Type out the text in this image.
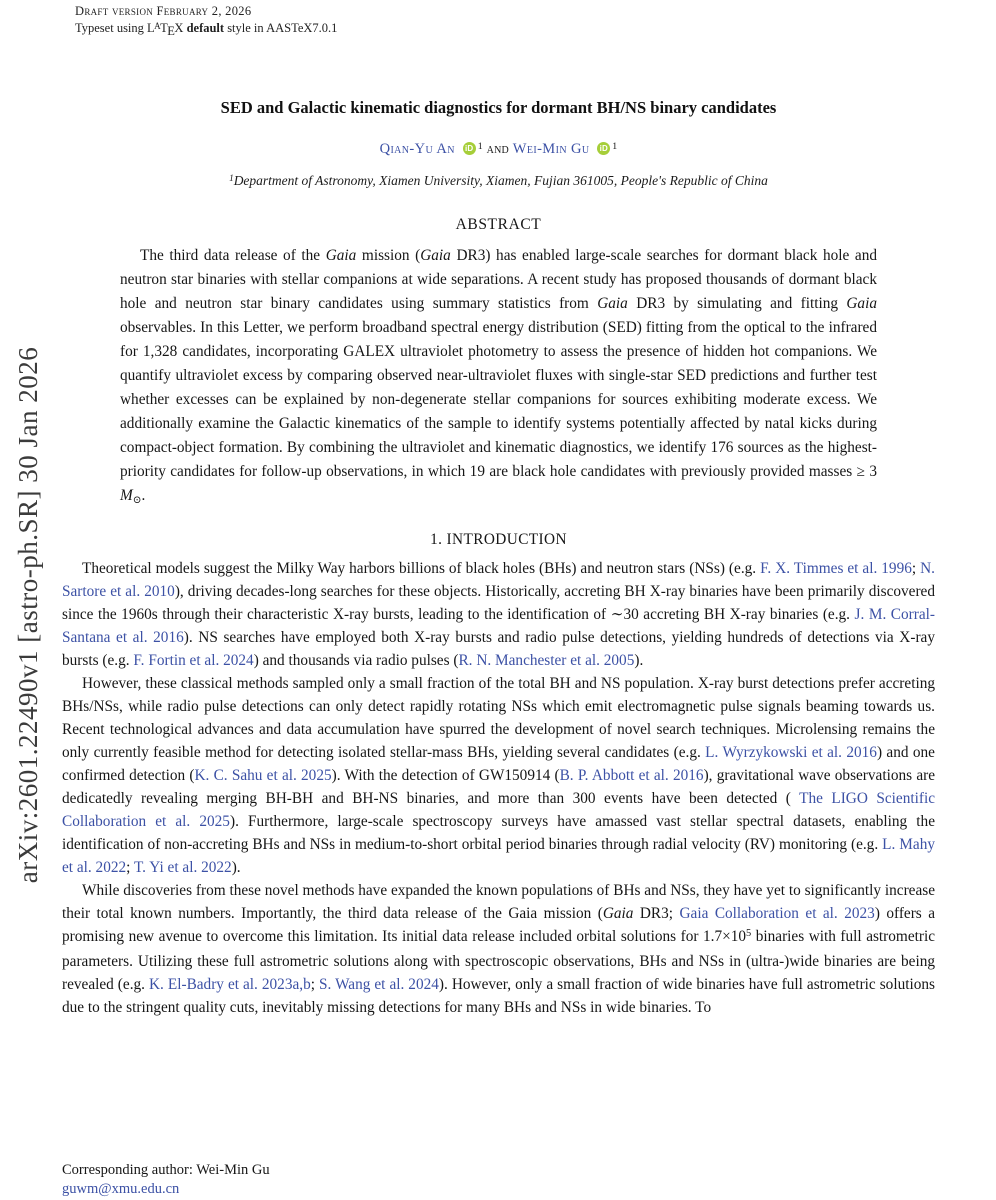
arXiv:2601.22490v1 [astro-ph.SR] 30 Jan 2026
Draft version February 2, 2026
Typeset using $L^ATEX$ default style in AASTeX7.0.1
SED and Galactic kinematic diagnostics for dormant BH/NS binary candidates
Qian-Yu An iD $^1$ and Wei-Min Gu iD $^1$
$^1$Department of Astronomy, Xiamen University, Xiamen, Fujian 361005, People's Republic of China
ABSTRACT

The third data release of the Gaia mission (Gaia DR3) has enabled large-scale searches for dormant black hole and neutron star binaries with stellar companions at wide separations. A recent study has proposed thousands of dormant black hole and neutron star binary candidates using summary statistics from Gaia DR3 by simulating and fitting Gaia observables. In this Letter, we perform broadband spectral energy distribution (SED) fitting from the optical to the infrared for 1,328 candidates, incorporating GALEX ultraviolet photometry to assess the presence of hidden hot companions. We quantify ultraviolet excess by comparing observed near-ultraviolet fluxes with single-star SED predictions and further test whether excesses can be explained by non-degenerate stellar companions for sources exhibiting moderate excess. We additionally examine the Galactic kinematics of the sample to identify systems potentially affected by natal kicks during compact-object formation. By combining the ultraviolet and kinematic diagnostics, we identify 176 sources as the highest-priority candidates for follow-up observations, in which 19 are black hole candidates with previously provided masses ≥ 3 M⊙.

1. INTRODUCTION

Theoretical models suggest the Milky Way harbors billions of black holes (BHs) and neutron stars (NSs) (e.g. F. X. Timmes et al. 1996; N. Sartore et al. 2010), driving decades-long searches for these objects. Historically, accreting BH X-ray binaries have been primarily discovered since the 1960s through their characteristic X-ray bursts, leading to the identification of ∼30 accreting BH X-ray binaries (e.g. J. M. Corral-Santana et al. 2016). NS searches have employed both X-ray bursts and radio pulse detections, yielding hundreds of detections via X-ray bursts (e.g. F. Fortin et al. 2024) and thousands via radio pulses (R. N. Manchester et al. 2005).

However, these classical methods sampled only a small fraction of the total BH and NS population. X-ray burst detections prefer accreting BHs/NSs, while radio pulse detections can only detect rapidly rotating NSs which emit electromagnetic pulse signals beaming towards us. Recent technological advances and data accumulation have spurred the development of novel search techniques. Microlensing remains the only currently feasible method for detecting isolated stellar-mass BHs, yielding several candidates (e.g. L. Wyrzykowski et al. 2016) and one confirmed detection (K. C. Sahu et al. 2025). With the detection of GW150914 (B. P. Abbott et al. 2016), gravitational wave observations are dedicatedly revealing merging BH-BH and BH-NS binaries, and more than 300 events have been detected ( The LIGO Scientific Collaboration et al. 2025). Furthermore, large-scale spectroscopy surveys have amassed vast stellar spectral datasets, enabling the identification of non-accreting BHs and NSs in medium-to-short orbital period binaries through radial velocity (RV) monitoring (e.g. L. Mahy et al. 2022; T. Yi et al. 2022).

While discoveries from these novel methods have expanded the known populations of BHs and NSs, they have yet to significantly increase their total known numbers. Importantly, the third data release of the Gaia mission (Gaia DR3; Gaia Collaboration et al. 2023) offers a promising new avenue to overcome this limitation. Its initial data release included orbital solutions for $1.7\times 10^5$ binaries with full astrometric parameters. Utilizing these full astrometric solutions along with spectroscopic observations, BHs and NSs in (ultra-)wide binaries are being revealed (e.g. K. El-Badry et al. 2023a,b; S. Wang et al. 2024). However, only a small fraction of wide binaries have full astrometric solutions due to the stringent quality cuts, inevitably missing detections for many BHs and NSs in wide binaries. To

Corresponding author: Wei-Min Gu
guwm@xmu.edu.cn
